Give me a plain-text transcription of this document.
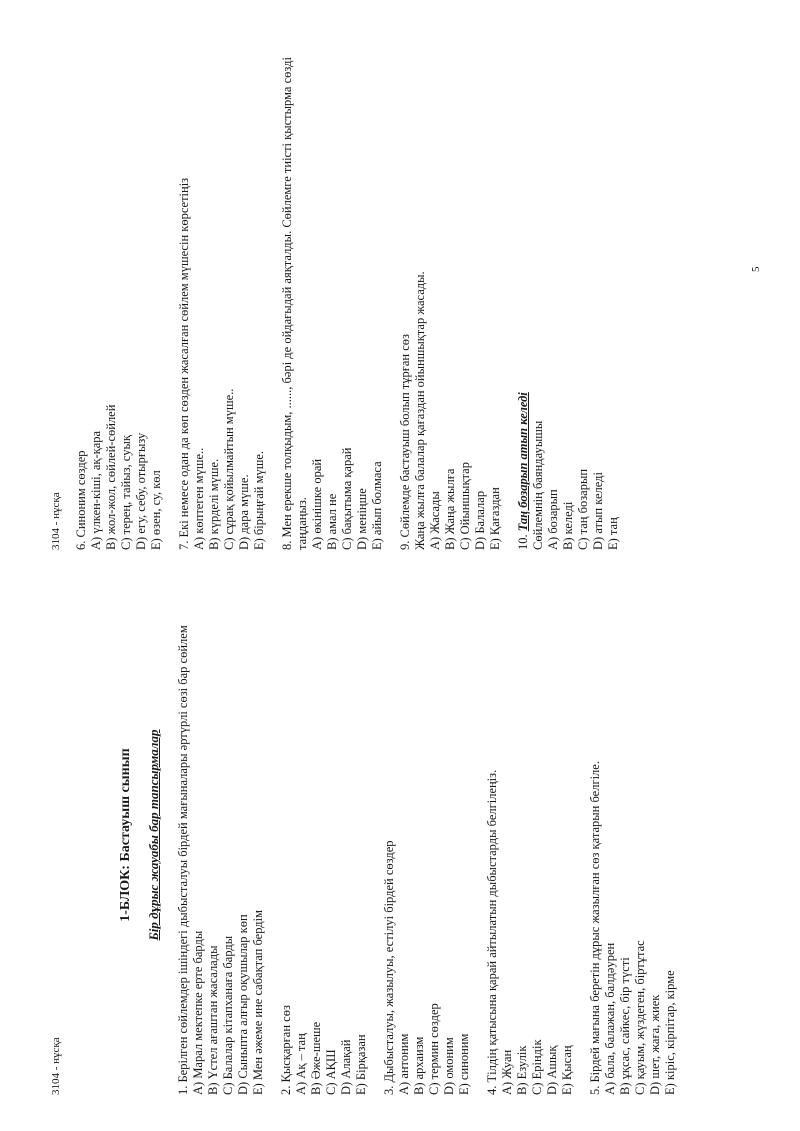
3104 - нұсқа
1-БЛОК: Бастауыш сынып Бір дұрыс жауабы бар тапсырмалар 1. Берілген сөйлемдер ішіндегі дыбысталуы бірдей мағыналары әртүрлі сөзі бар сөйлем A) Марал мектепке ерте барды B) Үстел ағаштан жасалады C) Балалар кітапханаға барды D) Сыныпта алғыр оқушылар көп E) Мен әжеме ине сабақтап бердім 2. Қысқарған сөз A) Ақ – таң B) Әже-шеше C) АҚШ D) Алақай E) Бірқазан 3. Дыбысталуы, жазылуы, естілуі бірдей сөздер A) антоним B) архаизм C) термин сөздер D) омоним E) синоним 4. Тілдің қатысына қарай айтылатын дыбыстарды белгілеңіз. A) Жуан B) Езулік C) Еріндік D) Ашық E) Қысаң 5. Бірдей мағына беретін дұрыс жазылған сөз қатарын белгіле. A) бала, балажан, балдәурен B) ұқсас, сайкес, бір түсті C) қауым, жүздеген, біртұтас D) шет, жаға, жиек E) кіріс, кірпітар, кірме
3104 - нұсқа 6. Синоним сөздер A) үлкен-кіші, ақ-қара B) жол-жол, сөйлей-сөйлей C) терең, тайыз, суық D) егу, себу, отырғызу E) өзен, су, көл 7. Екі немесе одан да көп сөзден жасалған сөйлем мүшесін көрсетіңіз A) көптеген мүше.. B) күрделі мүше. C) сұрақ қойылмайтын мүше.. D) дара мүше. E) бірыңғай мүше. 8. Мен ерекше толқыдым, ......, бәрі де ойдағыдай аяқталды. Сөйлемге тиісті қыстырма сөзді таңдаңыз. A) өкінішке орай B) амал не C) бақытыма қарай D) меніңше E) айып болмаса 9. Сөйлемде бастауыш болып тұрған сөз Жаңа жылға балалар қағаздан ойыншықтар жасады. A) Жасады B) Жаңа жылға C) Ойыншықтар D) Балалар E) Қағаздан 10. Таң бозарып атып келеді Сөйлемнің баяндауышы A) бозарып B) келеді C) таң бозарып D) атып келеді E) таң
5
